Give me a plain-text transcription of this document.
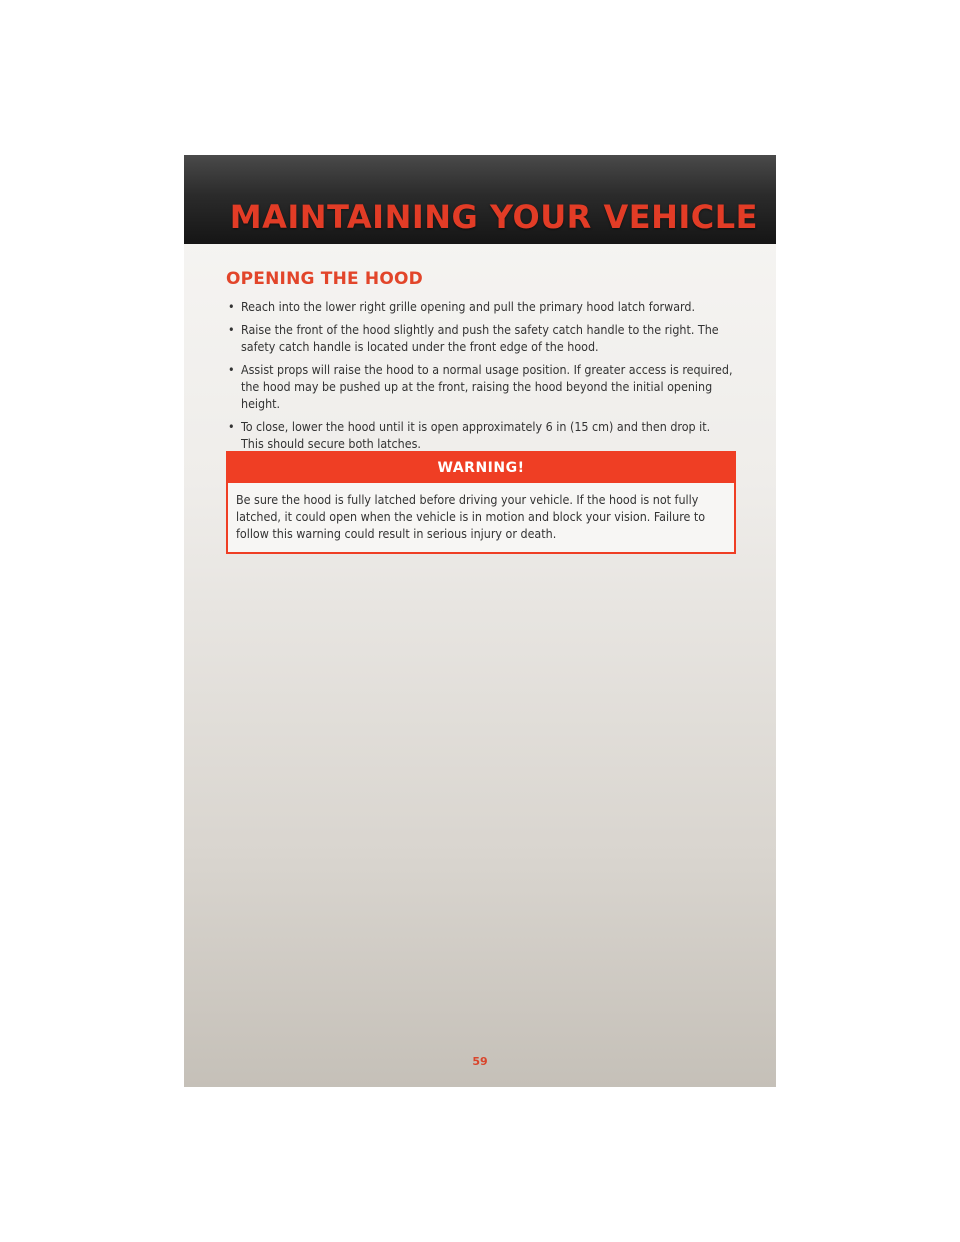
MAINTAINING YOUR VEHICLE
OPENING THE HOOD
• Reach into the lower right grille opening and pull the primary hood latch forward.
• Raise the front of the hood slightly and push the safety catch handle to the right. The safety catch handle is located under the front edge of the hood.
• Assist props will raise the hood to a normal usage position. If greater access is required, the hood may be pushed up at the front, raising the hood beyond the initial opening height.
• To close, lower the hood until it is open approximately 6 in (15 cm) and then drop it. This should secure both latches.
WARNING!

Be sure the hood is fully latched before driving your vehicle. If the hood is not fully latched, it could open when the vehicle is in motion and block your vision. Failure to follow this warning could result in serious injury or death.

59
